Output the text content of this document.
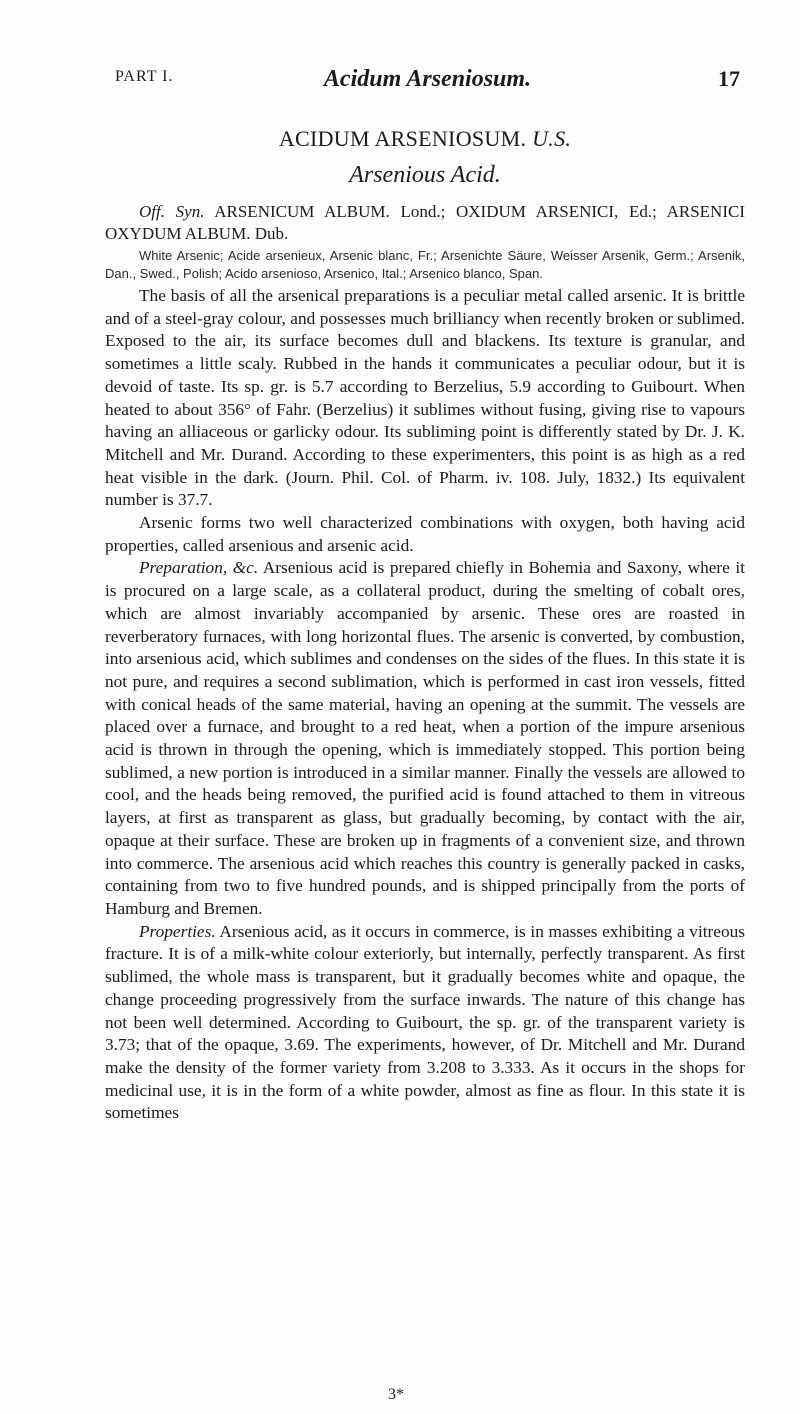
PART I.	Acidum Arseniosum.	17
ACIDUM ARSENIOSUM. U.S.
Arsenious Acid.

Off. Syn. ARSENICUM ALBUM. Lond.; OXIDUM ARSENICI, Ed.; ARSENICI OXYDUM ALBUM. Dub.

White Arsenic; Acide arsenieux, Arsenic blanc, Fr.; Arsenichte Säure, Weisser Arsenik, Germ.; Arsenik, Dan., Swed., Polish; Acido arsenioso, Arsenico, Ital.; Arsenico blanco, Span.

The basis of all the arsenical preparations is a peculiar metal called arsenic. It is brittle and of a steel-gray colour, and possesses much brilliancy when recently broken or sublimed. Exposed to the air, its surface becomes dull and blackens. Its texture is granular, and sometimes a little scaly. Rubbed in the hands it communicates a peculiar odour, but it is devoid of taste. Its sp. gr. is 5.7 according to Berzelius, 5.9 according to Guibourt. When heated to about 356° of Fahr. (Berzelius) it sublimes without fusing, giving rise to vapours having an alliaceous or garlicky odour. Its subliming point is differently stated by Dr. J. K. Mitchell and Mr. Durand. According to these experimenters, this point is as high as a red heat visible in the dark. (Journ. Phil. Col. of Pharm. iv. 108. July, 1832.) Its equivalent number is 37.7.

Arsenic forms two well characterized combinations with oxygen, both having acid properties, called arsenious and arsenic acid.

Preparation, &c. Arsenious acid is prepared chiefly in Bohemia and Saxony, where it is procured on a large scale, as a collateral product, during the smelting of cobalt ores, which are almost invariably accompanied by arsenic. These ores are roasted in reverberatory furnaces, with long horizontal flues. The arsenic is converted, by combustion, into arsenious acid, which sublimes and condenses on the sides of the flues. In this state it is not pure, and requires a second sublimation, which is performed in cast iron vessels, fitted with conical heads of the same material, having an opening at the summit. The vessels are placed over a furnace, and brought to a red heat, when a portion of the impure arsenious acid is thrown in through the opening, which is immediately stopped. This portion being sublimed, a new portion is introduced in a similar manner. Finally the vessels are allowed to cool, and the heads being removed, the purified acid is found attached to them in vitreous layers, at first as transparent as glass, but gradually becoming, by contact with the air, opaque at their surface. These are broken up in fragments of a convenient size, and thrown into commerce. The arsenious acid which reaches this country is generally packed in casks, containing from two to five hundred pounds, and is shipped principally from the ports of Hamburg and Bremen.

Properties. Arsenious acid, as it occurs in commerce, is in masses exhibiting a vitreous fracture. It is of a milk-white colour exteriorly, but internally, perfectly transparent. As first sublimed, the whole mass is transparent, but it gradually becomes white and opaque, the change proceeding progressively from the surface inwards. The nature of this change has not been well determined. According to Guibourt, the sp. gr. of the transparent variety is 3.73; that of the opaque, 3.69. The experiments, however, of Dr. Mitchell and Mr. Durand make the density of the former variety from 3.208 to 3.333. As it occurs in the shops for medicinal use, it is in the form of a white powder, almost as fine as flour. In this state it is sometimes

3*
